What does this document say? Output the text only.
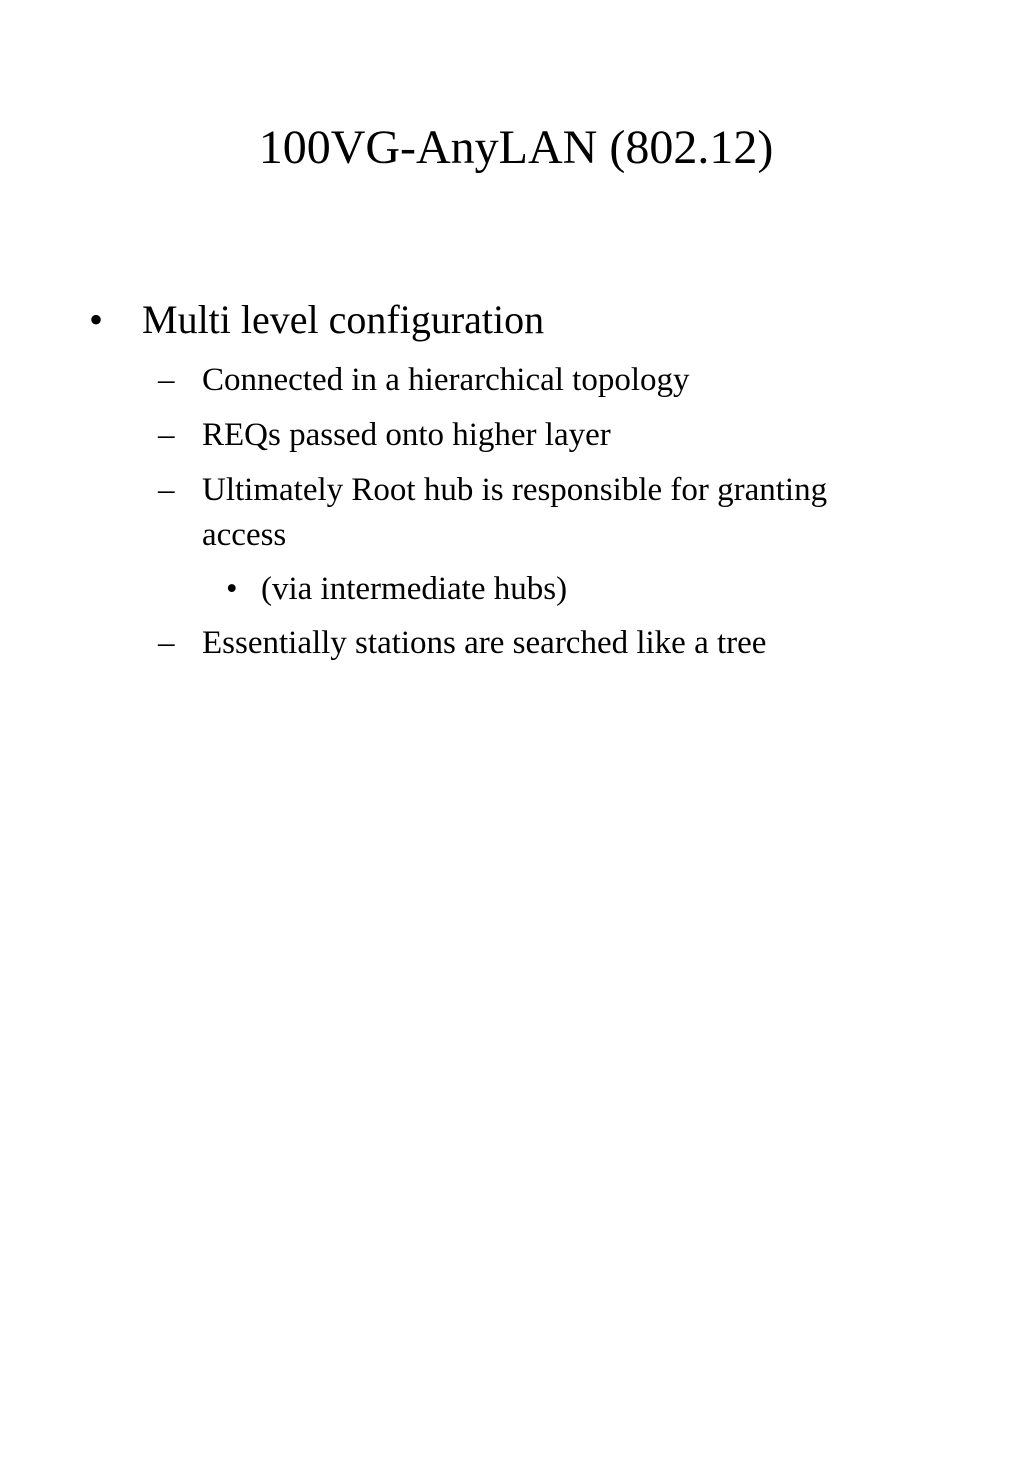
100VG-AnyLAN (802.12)
• Multi level configuration
– Connected in a hierarchical topology
– REQs passed onto higher layer
– Ultimately Root hub is responsible for granting
access
• (via intermediate hubs)
– Essentially stations are searched like a tree
